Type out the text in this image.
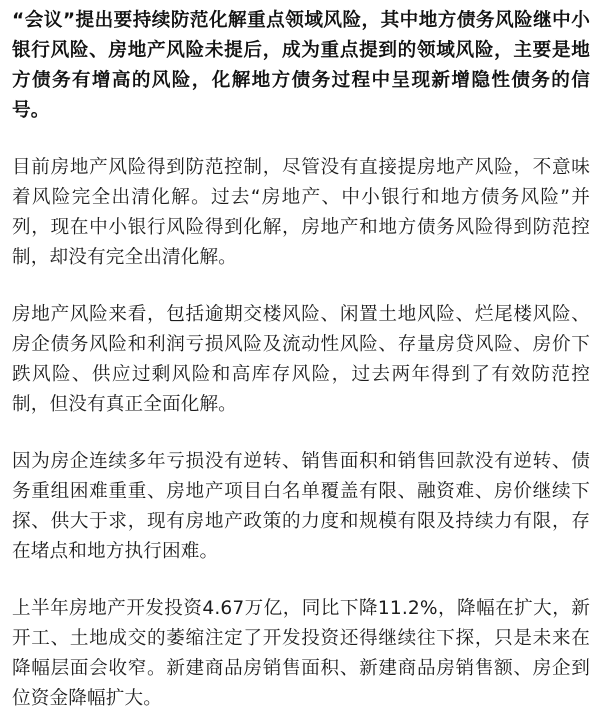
“会议”提出要持续防范化解重点领域风险，其中地方债务风险继中小银行风险、房地产风险未提后，成为重点提到的领域风险，主要是地方债务有增高的风险，化解地方债务过程中呈现新增隐性债务的信号。

目前房地产风险得到防范控制，尽管没有直接提房地产风险，不意味着风险完全出清化解。过去“房地产、中小银行和地方债务风险”并列，现在中小银行风险得到化解，房地产和地方债务风险得到防范控制，却没有完全出清化解。

房地产风险来看，包括逾期交楼风险、闲置土地风险、烂尾楼风险、房企债务风险和利润亏损风险及流动性风险、存量房贷风险、房价下跌风险、供应过剩风险和高库存风险，过去两年得到了有效防范控制，但没有真正全面化解。

因为房企连续多年亏损没有逆转、销售面积和销售回款没有逆转、债务重组困难重重、房地产项目白名单覆盖有限、融资难、房价继续下探、供大于求，现有房地产政策的力度和规模有限及持续力有限，存在堵点和地方执行困难。

上半年房地产开发投资4.67万亿，同比下降11.2%，降幅在扩大，新开工、土地成交的萎缩注定了开发投资还得继续往下探，只是未来在降幅层面会收窄。新建商品房销售面积、新建商品房销售额、房企到位资金降幅扩大。
